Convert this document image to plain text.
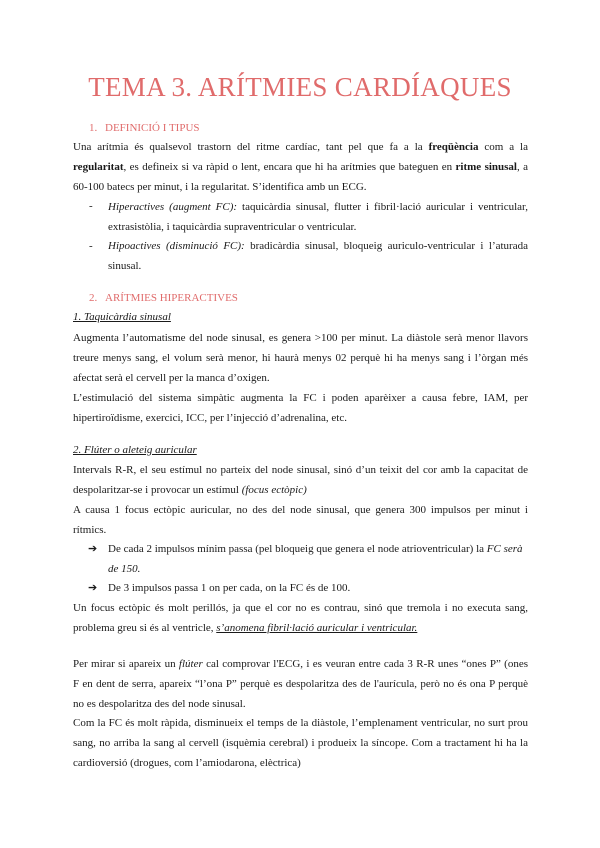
TEMA 3. ARÍTMIES CARDÍAQUES
1. DEFINICIÓ I TIPUS
Una arítmia és qualsevol trastorn del ritme cardíac, tant pel que fa a la freqüència com a la
regularitat, es defineix si va ràpid o lent, encara que hi ha arítmies que bateguen en ritme sinusal, a
60-100 batecs per minut, i la regularitat. S’identifica amb un ECG.
- Hiperactives (augment FC): taquicàrdia sinusal, flutter i fibril·lació auricular i ventricular,
extrasistòlia, i taquicàrdia supraventricular o ventricular.
- Hipoactives (disminució FC): bradicàrdia sinusal, bloqueig auriculo-ventricular i l’aturada
sinusal.
2. ARÍTMIES HIPERACTIVES
1. Taquicàrdia sinusal
Augmenta l’automatisme del node sinusal, es genera >100 per minut. La diàstole serà menor llavors
treure menys sang, el volum serà menor, hi haurà menys 02 perquè hi ha menys sang i l’òrgan més
afectat serà el cervell per la manca d’oxigen.
L’estimulació del sistema simpàtic augmenta la FC i poden aparèixer a causa febre, IAM, per
hipertiroïdisme, exercici, ICC, per l’injecció d’adrenalina, etc.
2. Flúter o aleteig auricular
Intervals R-R, el seu estímul no parteix del node sinusal, sinó d’un teixit del cor amb la capacitat de
despolaritzar-se i provocar un estímul (focus ectòpic)
A causa 1 focus ectòpic auricular, no des del node sinusal, que genera 300 impulsos per minut i
rítmics.
➔ De cada 2 impulsos mínim passa (pel bloqueig que genera el node atrioventricular) la FC serà
de 150.
➔ De 3 impulsos passa 1 on per cada, on la FC és de 100.
Un focus ectòpic és molt perillós, ja que el cor no es contrau, sinó que tremola i no executa sang,
problema greu si és al ventricle, s’anomena fibril·lació auricular i ventricular.
Per mirar si apareix un flúter cal comprovar l'ECG, i es veuran entre cada 3 R-R unes “ones P” (ones
F en dent de serra, apareix “l’ona P” perquè es despolaritza des de l'aurícula, però no és ona P perquè
no es despolaritza des del node sinusal.
Com la FC és molt ràpida, disminueix el temps de la diàstole, l’emplenament ventricular, no surt prou
sang, no arriba la sang al cervell (isquèmia cerebral) i produeix la síncope. Com a tractament hi ha la
cardioversió (drogues, com l’amiodarona, elèctrica)
